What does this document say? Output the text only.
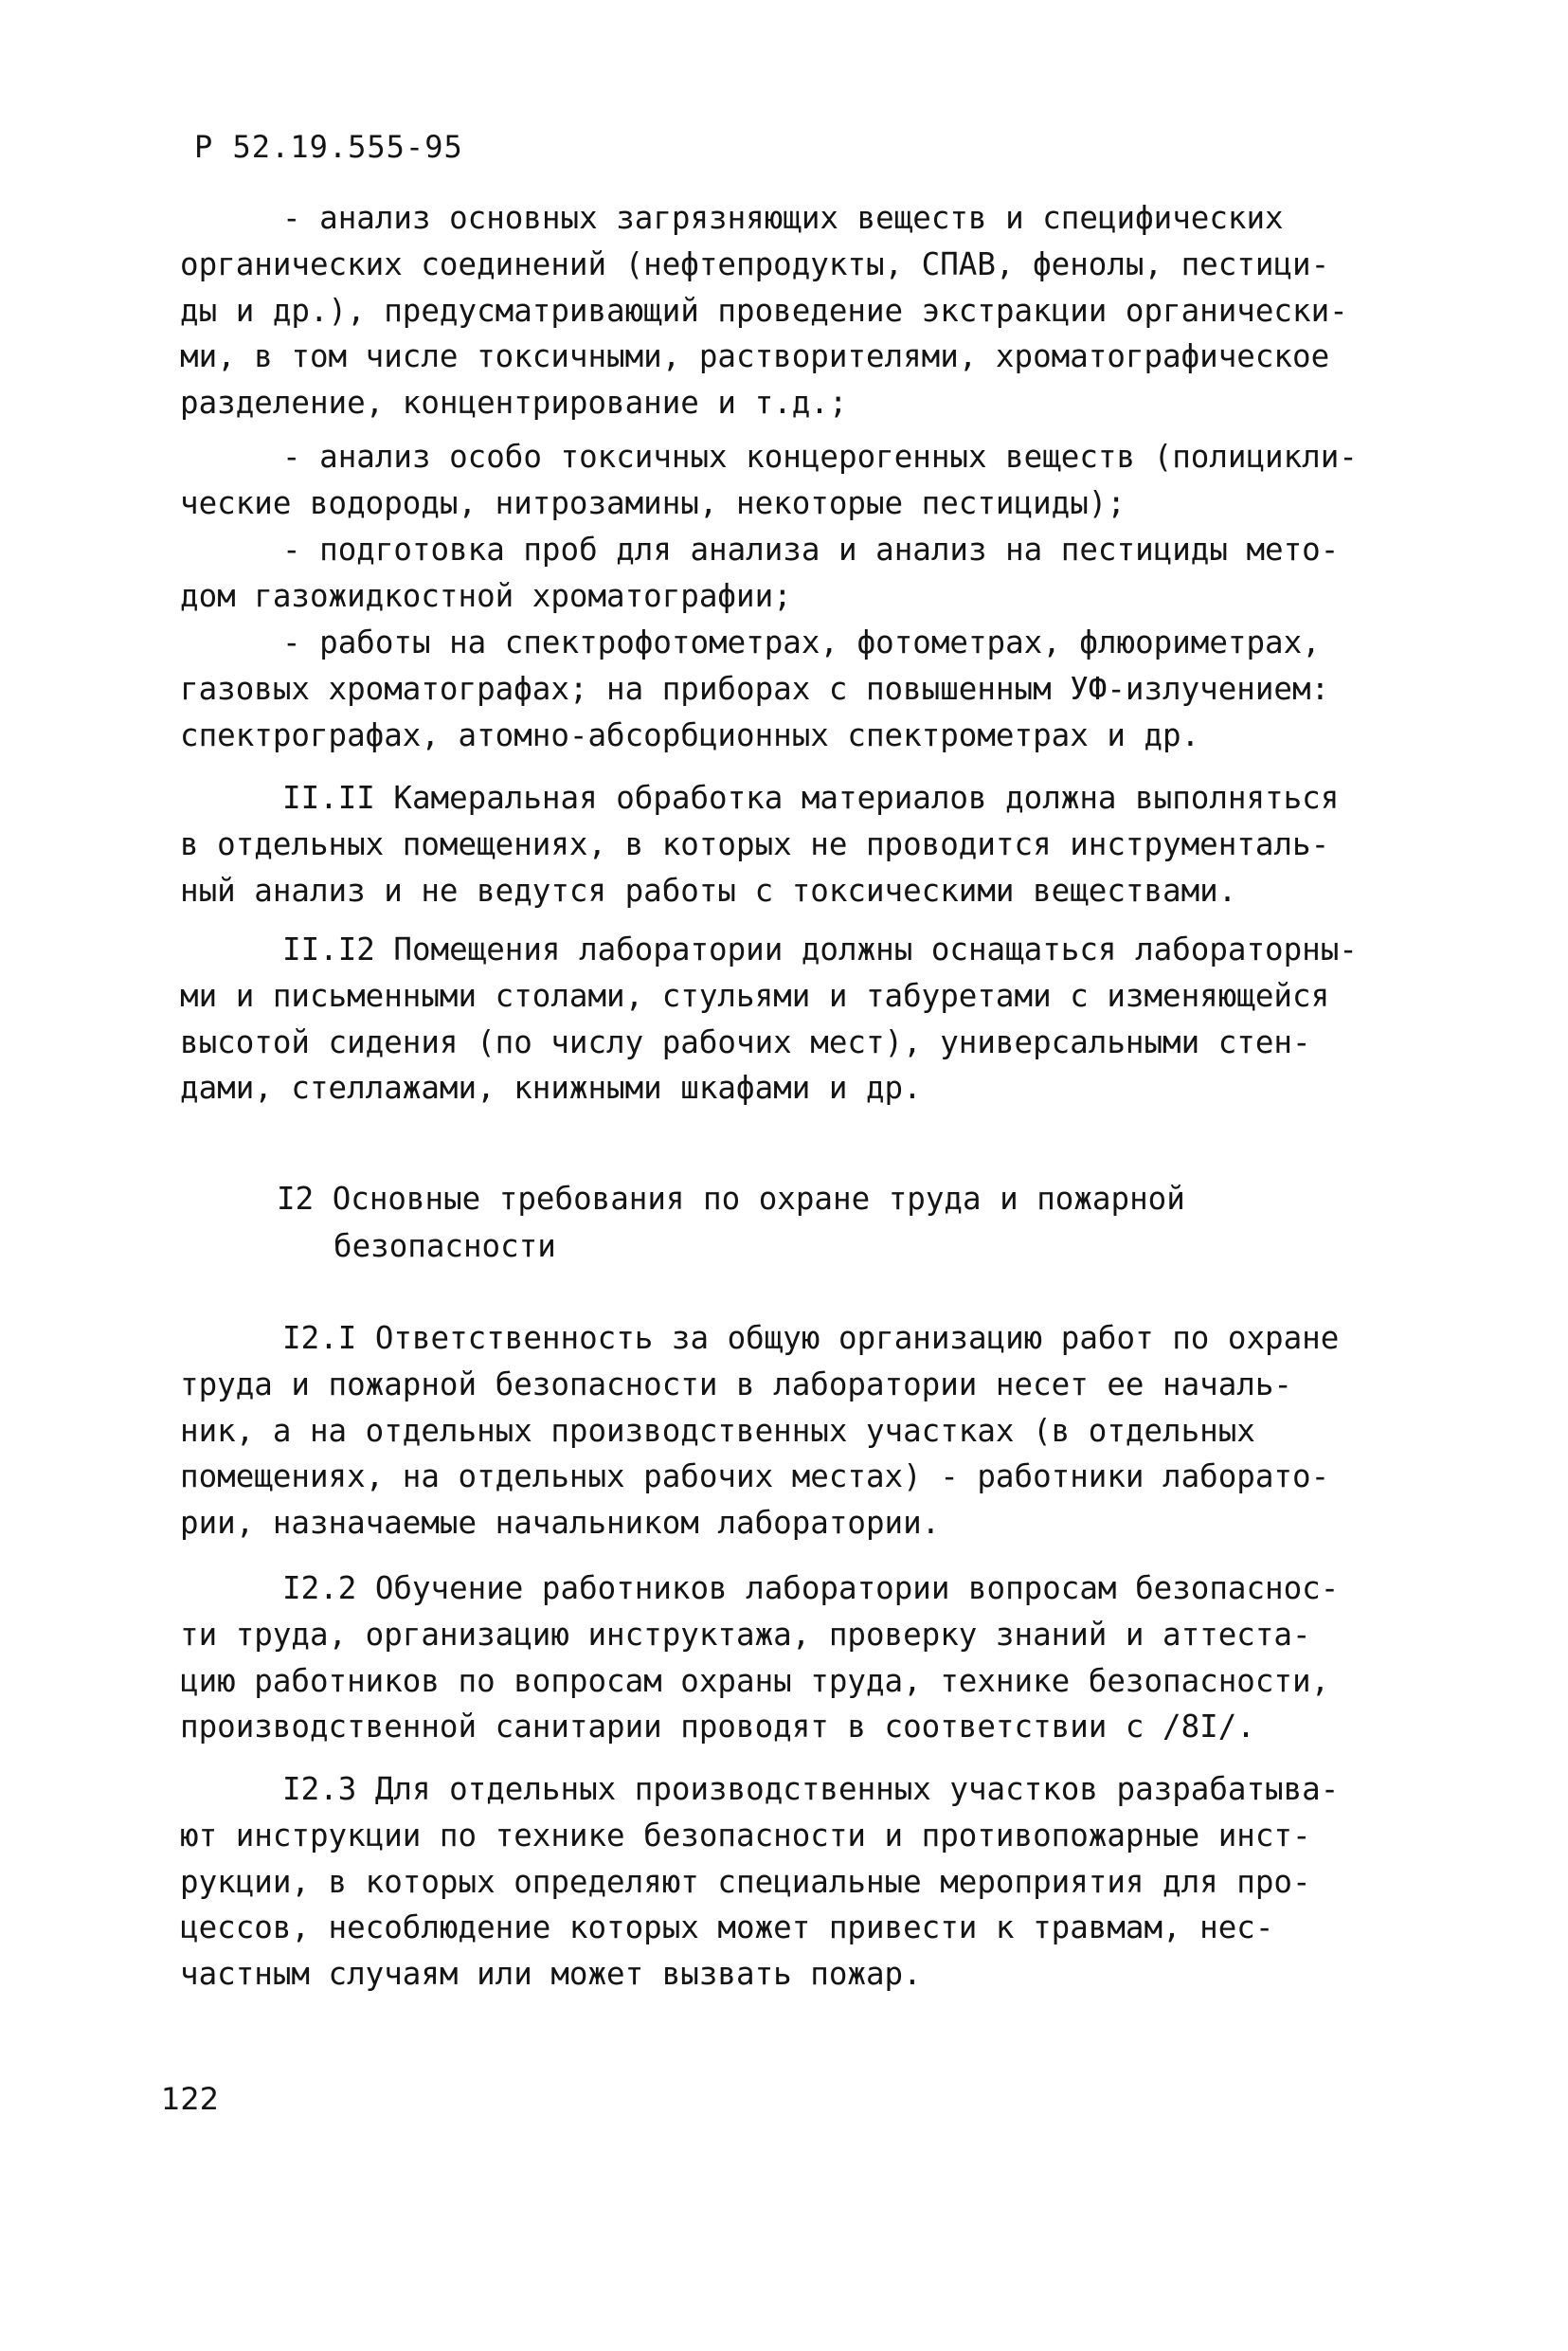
Р 52.19.555-95
- анализ основных загрязняющих веществ и специфических
органических соединений (нефтепродукты, СПАВ, фенолы, пестици-
ды и др.), предусматривающий проведение экстракции органически-
ми, в том числе токсичными, растворителями, хроматографическое
разделение, концентрирование и т.д.;
- анализ особо токсичных концерогенных веществ (полицикли-
ческие водороды, нитрозамины, некоторые пестициды);
- подготовка проб для анализа и анализ на пестициды мето-
дом газожидкостной хроматографии;
- работы на спектрофотометрах, фотометрах, флюориметрах,
газовых хроматографах; на приборах с повышенным УФ-излучением:
спектрографах, атомно-абсорбционных спектрометрах и др.
II.II Камеральная обработка материалов должна выполняться
в отдельных помещениях, в которых не проводится инструменталь-
ный анализ и не ведутся работы с токсическими веществами.
II.I2 Помещения лаборатории должны оснащаться лабораторны-
ми и письменными столами, стульями и табуретами с изменяющейся
высотой сидения (по числу рабочих мест), универсальными стен-
дами, стеллажами, книжными шкафами и др.
I2 Основные требования по охране труда и пожарной
безопасности
I2.I Ответственность за общую организацию работ по охране
труда и пожарной безопасности в лаборатории несет ее началь-
ник, а на отдельных производственных участках (в отдельных
помещениях, на отдельных рабочих местах) - работники лаборато-
рии, назначаемые начальником лаборатории.
I2.2 Обучение работников лаборатории вопросам безопаснос-
ти труда, организацию инструктажа, проверку знаний и аттеста-
цию работников по вопросам охраны труда, технике безопасности,
производственной санитарии проводят в соответствии с /8I/.
I2.3 Для отдельных производственных участков разрабатыва-
ют инструкции по технике безопасности и противопожарные инст-
рукции, в которых определяют специальные мероприятия для про-
цессов, несоблюдение которых может привести к травмам, нес-
частным случаям или может вызвать пожар.
122
